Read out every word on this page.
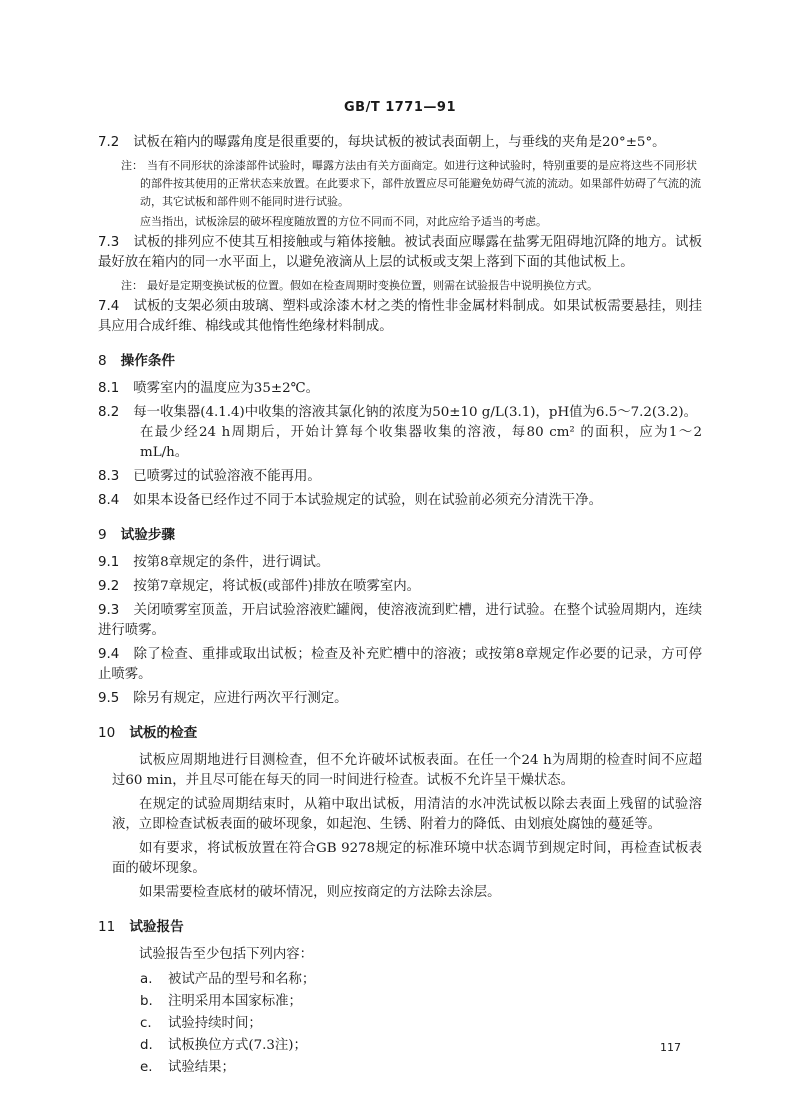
GB/T 1771—91

7.2 试板在箱内的曝露角度是很重要的，每块试板的被试表面朝上，与垂线的夹角是20°±5°。

注： 当有不同形状的涂漆部件试验时，曝露方法由有关方面商定。如进行这种试验时，特别重要的是应将这些不同形状的部件按其使用的正常状态来放置。在此要求下，部件放置应尽可能避免妨碍气流的流动。如果部件妨碍了气流的流动，其它试板和部件则不能同时进行试验。

应当指出，试板涂层的破坏程度随放置的方位不同而不同，对此应给予适当的考虑。

7.3 试板的排列应不使其互相接触或与箱体接触。被试表面应曝露在盐雾无阻碍地沉降的地方。试板最好放在箱内的同一水平面上，以避免液滴从上层的试板或支架上落到下面的其他试板上。

注： 最好是定期变换试板的位置。假如在检查周期时变换位置，则需在试验报告中说明换位方式。

7.4 试板的支架必须由玻璃、塑料或涂漆木材之类的惰性非金属材料制成。如果试板需要悬挂，则挂具应用合成纤维、棉线或其他惰性绝缘材料制成。

8 操作条件

8.1 喷雾室内的温度应为35±2℃。

8.2 每一收集器(4.1.4)中收集的溶液其氯化钠的浓度为50±10 g/L(3.1)，pH值为6.5～7.2(3.2)。

在最少经24 h周期后，开始计算每个收集器收集的溶液，每80 cm² 的面积，应为1～2 mL/h。

8.3 已喷雾过的试验溶液不能再用。

8.4 如果本设备已经作过不同于本试验规定的试验，则在试验前必须充分清洗干净。

9 试验步骤

9.1 按第8章规定的条件，进行调试。

9.2 按第7章规定，将试板(或部件)排放在喷雾室内。

9.3 关闭喷雾室顶盖，开启试验溶液贮罐阀，使溶液流到贮槽，进行试验。在整个试验周期内，连续进行喷雾。

9.4 除了检查、重排或取出试板；检查及补充贮槽中的溶液；或按第8章规定作必要的记录，方可停止喷雾。

9.5 除另有规定，应进行两次平行测定。

10 试板的检查

试板应周期地进行目测检查，但不允许破坏试板表面。在任一个24 h为周期的检查时间不应超过60 min，并且尽可能在每天的同一时间进行检查。试板不允许呈干燥状态。

在规定的试验周期结束时，从箱中取出试板，用清洁的水冲洗试板以除去表面上残留的试验溶液，立即检查试板表面的破坏现象，如起泡、生锈、附着力的降低、由划痕处腐蚀的蔓延等。

如有要求，将试板放置在符合GB 9278规定的标准环境中状态调节到规定时间，再检查试板表面的破坏现象。

如果需要检查底材的破坏情况，则应按商定的方法除去涂层。

11 试验报告

试验报告至少包括下列内容：

a. 被试产品的型号和名称；

b. 注明采用本国家标准；

c. 试验持续时间；

d. 试板换位方式(7.3注)；

e. 试验结果；

117
